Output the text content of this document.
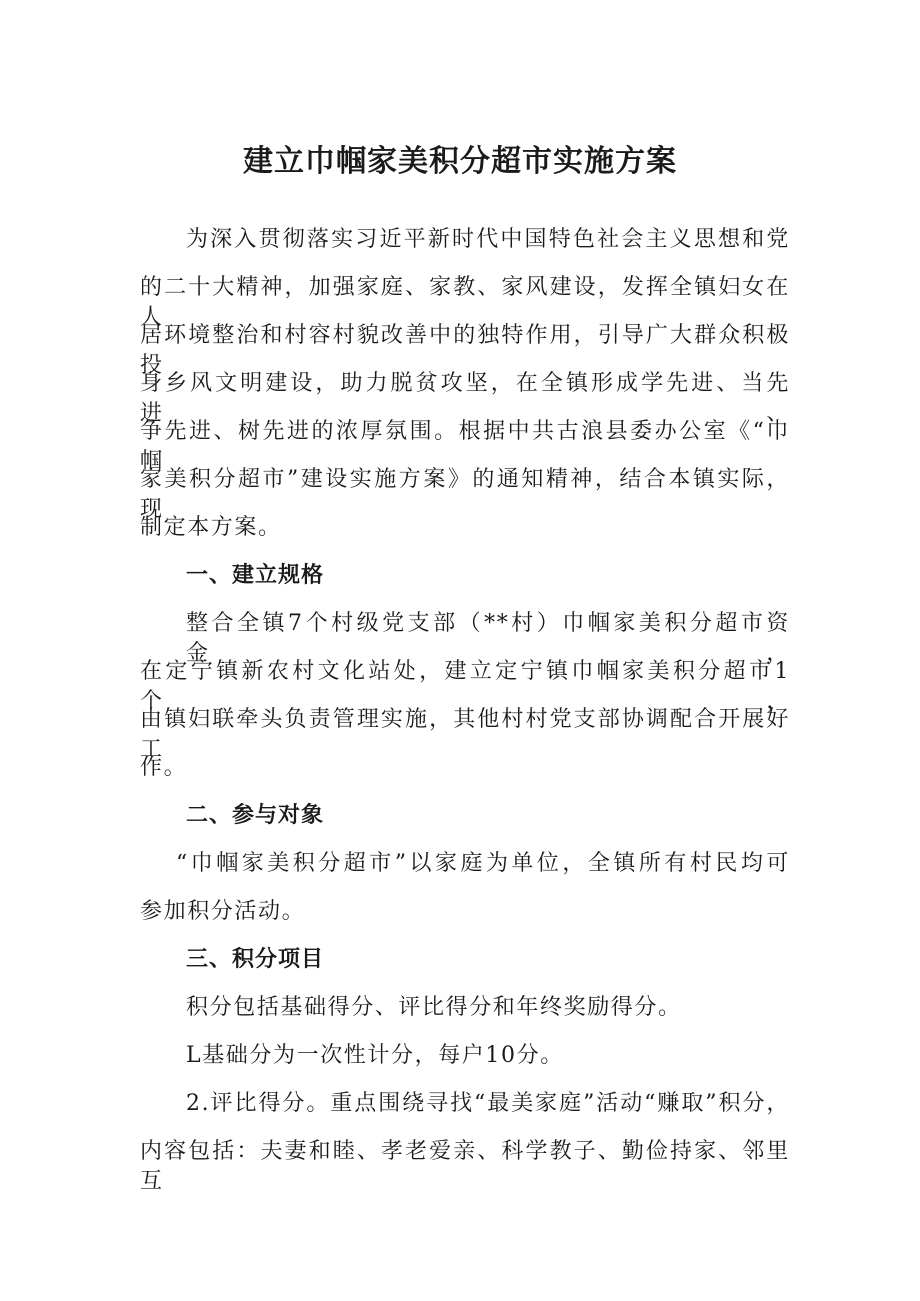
建立巾帼家美积分超市实施方案
为深入贯彻落实习近平新时代中国特色社会主义思想和党
的二十大精神，加强家庭、家教、家风建设，发挥全镇妇女在人
居环境整治和村容村貌改善中的独特作用，引导广大群众积极投
身乡风文明建设，助力脱贫攻坚，在全镇形成学先进、当先进、
争先进、树先进的浓厚氛围。根据中共古浪县委办公室《“巾帼
家美积分超市”建设实施方案》的通知精神，结合本镇实际，现
制定本方案。
一、建立规格
整合全镇7个村级党支部（**村）巾帼家美积分超市资金，
在定宁镇新农村文化站处，建立定宁镇巾帼家美积分超市1个，
由镇妇联牵头负责管理实施，其他村村党支部协调配合开展好工
作。
二、参与对象
“巾帼家美积分超市”以家庭为单位，全镇所有村民均可
参加积分活动。
三、积分项目
积分包括基础得分、评比得分和年终奖励得分。
L基础分为一次性计分，每户10分。
2.评比得分。重点围绕寻找“最美家庭”活动“赚取”积分，
内容包括：夫妻和睦、孝老爱亲、科学教子、勤俭持家、邻里互
